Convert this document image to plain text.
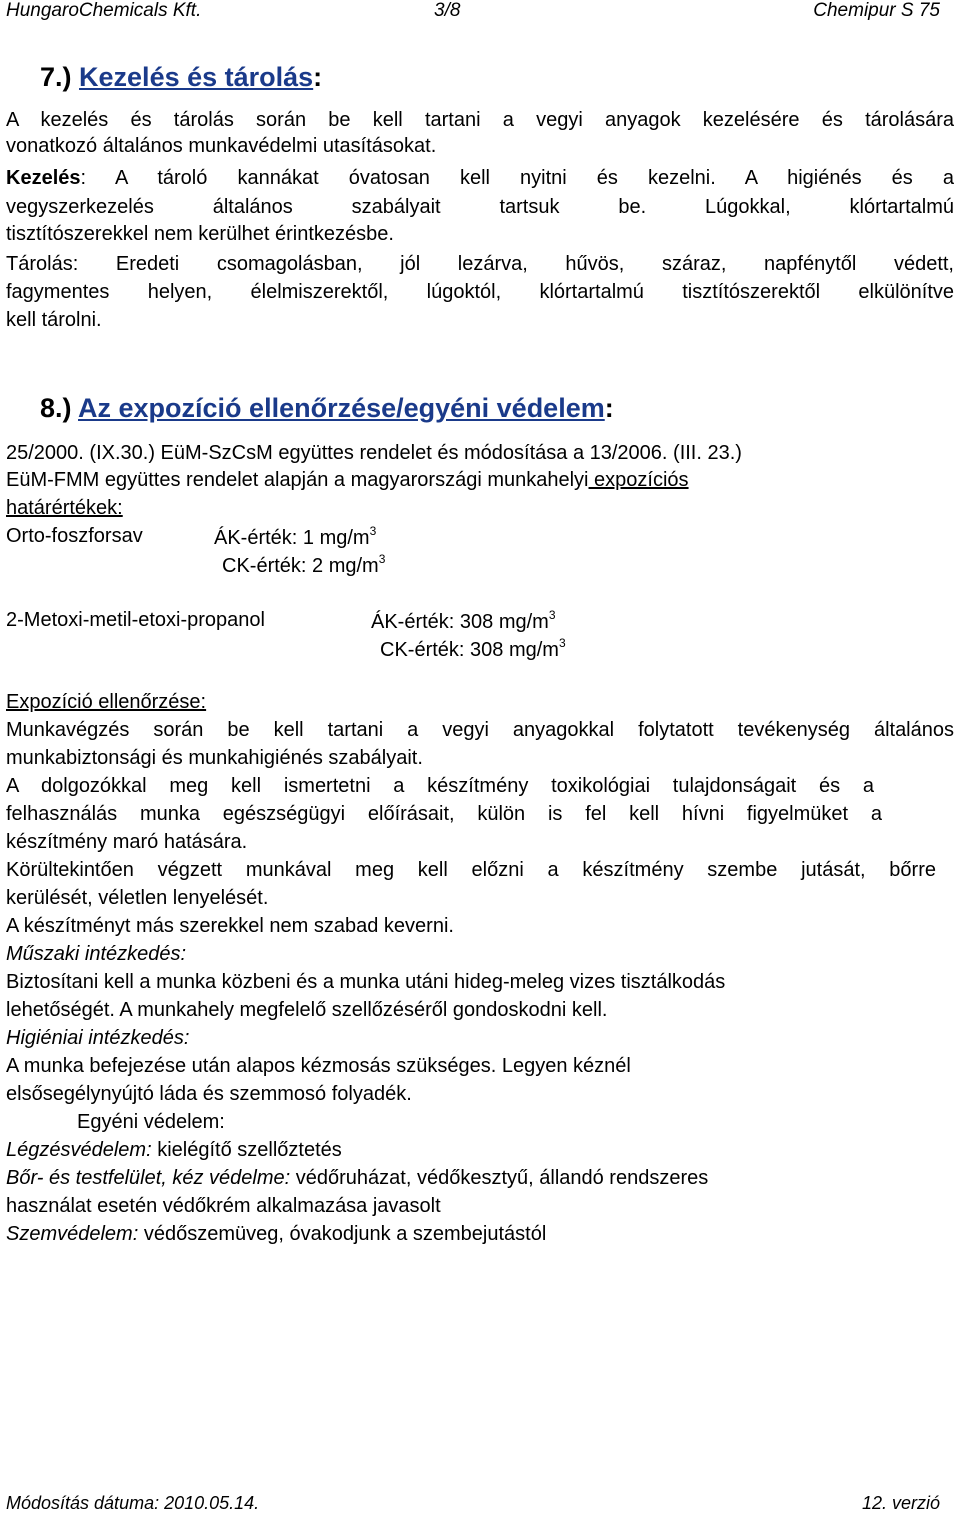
HungaroChemicals Kft.	3/8	Chemipur S 75
7.) Kezelés és tárolás:
A kezelés és tárolás során be kell tartani a vegyi anyagok kezelésére és tárolására
vonatkozó általános munkavédelmi utasításokat.
Kezelés: A tároló kannákat óvatosan kell nyitni és kezelni. A higiénés és a
vegyszerkezelés általános szabályait tartsuk be. Lúgokkal, klórtartalmú
tisztítószerekkel nem kerülhet érintkezésbe.
Tárolás: Eredeti csomagolásban, jól lezárva, hűvös, száraz, napfénytől védett,
fagymentes helyen, élelmiszerektől, lúgoktól, klórtartalmú tisztítószerektől elkülönítve
kell tárolni.
8.) Az expozíció ellenőrzése/egyéni védelem:
25/2000. (IX.30.) EüM-SzCsM együttes rendelet és módosítása a 13/2006. (III. 23.)
EüM-FMM együttes rendelet alapján a magyarországi munkahelyi expozíciós
határértékek:
Orto-foszforsav	ÁK-érték: 1 $mg/m^3$
CK-érték: 2 $mg/m^3$
2-Metoxi-metil-etoxi-propanol	ÁK-érték: 308 $mg/m^3$
CK-érték: 308 $mg/m^3$
Expozíció ellenőrzése:
Munkavégzés során be kell tartani a vegyi anyagokkal folytatott tevékenység általános
munkabiztonsági és munkahigiénés szabályait.
A dolgozókkal meg kell ismertetni a készítmény toxikológiai tulajdonságait és a
felhasználás munka egészségügyi előírásait, külön is fel kell hívni figyelmüket a
készítmény maró hatására.
Körültekintően végzett munkával meg kell előzni a készítmény szembe jutását, bőrre
kerülését, véletlen lenyelését.
A készítményt más szerekkel nem szabad keverni.
Műszaki intézkedés:
Biztosítani kell a munka közbeni és a munka utáni hideg-meleg vizes tisztálkodás
lehetőségét. A munkahely megfelelő szellőzéséről gondoskodni kell.
Higiéniai intézkedés:
A munka befejezése után alapos kézmosás szükséges. Legyen kéznél
elsősegélynyújtó láda és szemmosó folyadék.
Egyéni védelem:
Légzésvédelem: kielégítő szellőztetés
Bőr- és testfelület, kéz védelme: védőruházat, védőkesztyű, állandó rendszeres
használat esetén védőkrém alkalmazása javasolt
Szemvédelem: védőszemüveg, óvakodjunk a szembejutástól
Módosítás dátuma: 2010.05.14.	12. verzió
